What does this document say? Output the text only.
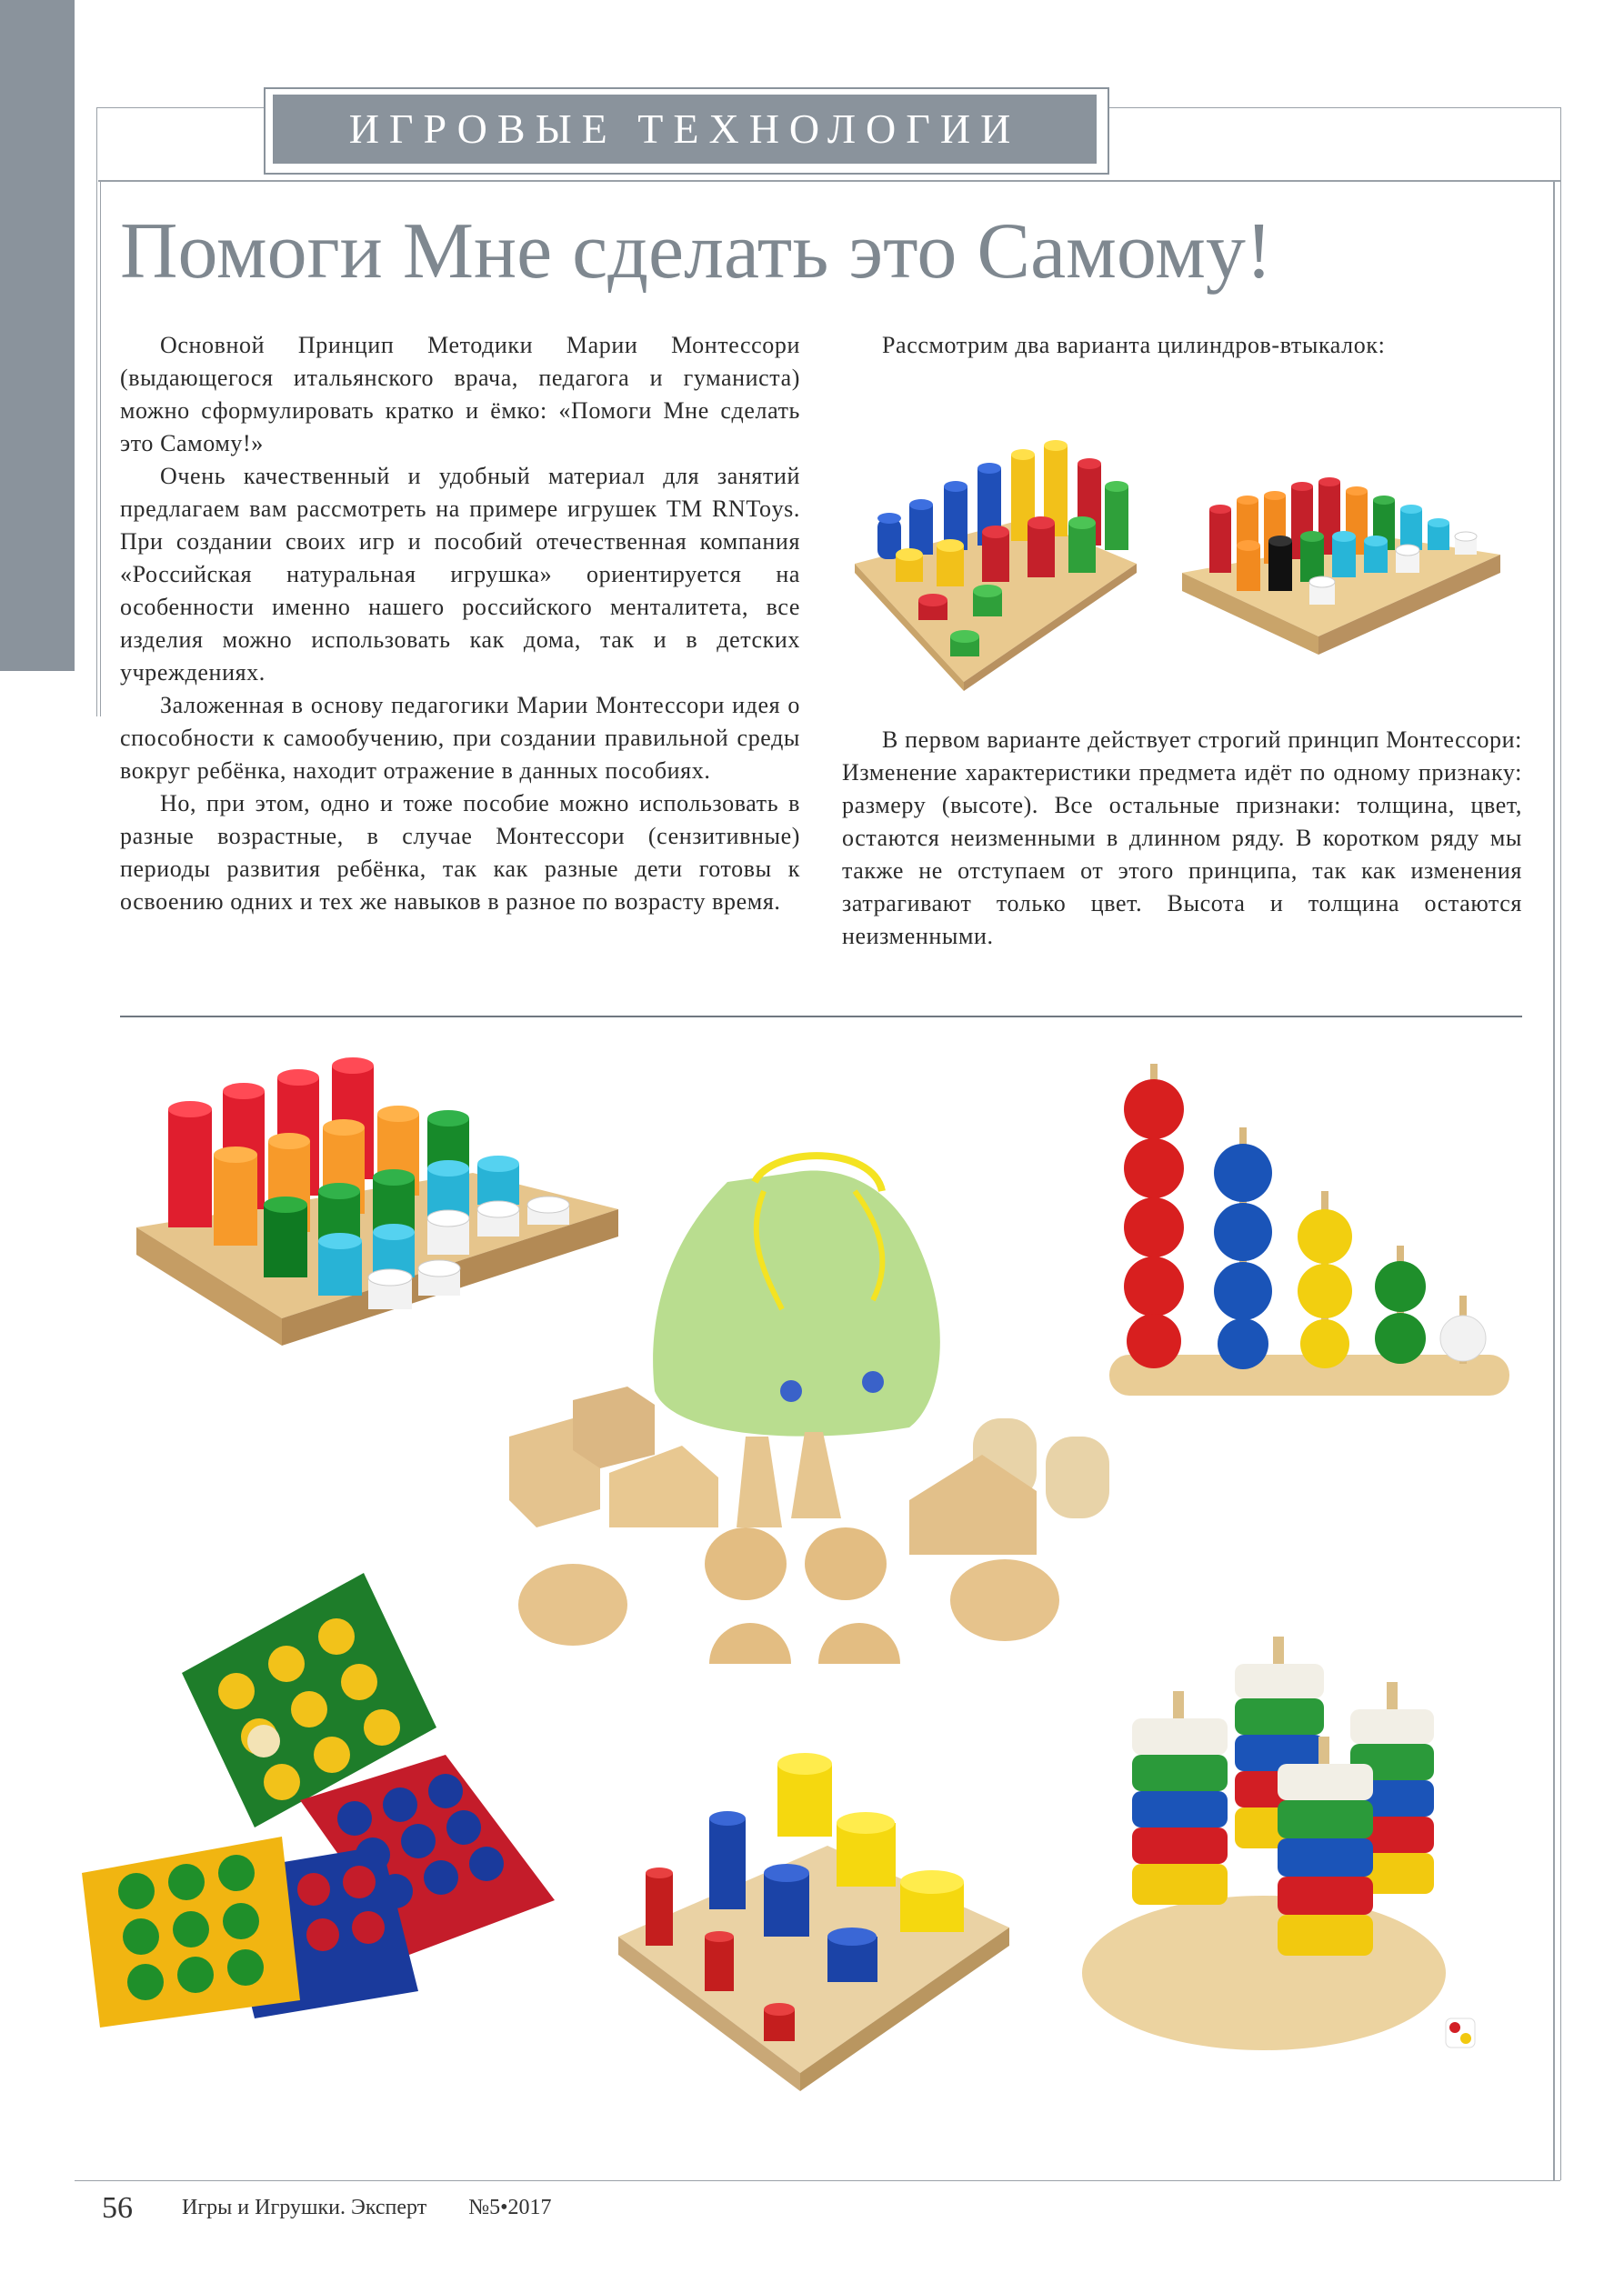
ИГРОВЫЕ ТЕХНОЛОГИИ
Помоги Мне сделать это Самому!

Основной Принцип Методики Марии Монтессори (выдающегося итальянского врача, педагога и гуманиста) можно сформулировать кратко и ёмко: «Помоги Мне сделать это Самому!»

Очень качественный и удобный материал для занятий предлагаем вам рассмотреть на примере игрушек ТМ RNToys. При создании своих игр и пособий отечественная компания «Российская натуральная игрушка» ориентируется на особенности именно нашего российского менталитета, все изделия можно использовать как дома, так и в детских учреждениях.

Заложенная в основу педагогики Марии Монтессори идея о способности к самообучению, при создании правильной среды вокруг ребёнка, находит отражение в данных пособиях.

Но, при этом, одно и тоже пособие можно использовать в разные возрастные, в случае Монтессори (сензитивные) периоды развития ребёнка, так как разные дети готовы к освоению одних и тех же навыков в разное по возрасту время.

Рассмотрим два варианта цилиндров-втыкалок:

В первом варианте действует строгий принцип Монтессори: Изменение характеристики предмета идёт по одному признаку: размеру (высоте). Все остальные признаки: толщина, цвет, остаются неизменными в длинном ряду. В коротком ряду мы также не отступаем от этого принципа, так как изменения затрагивают только цвет. Высота и толщина остаются неизменными.

56 Игры и Игрушки. Эксперт №5•2017
